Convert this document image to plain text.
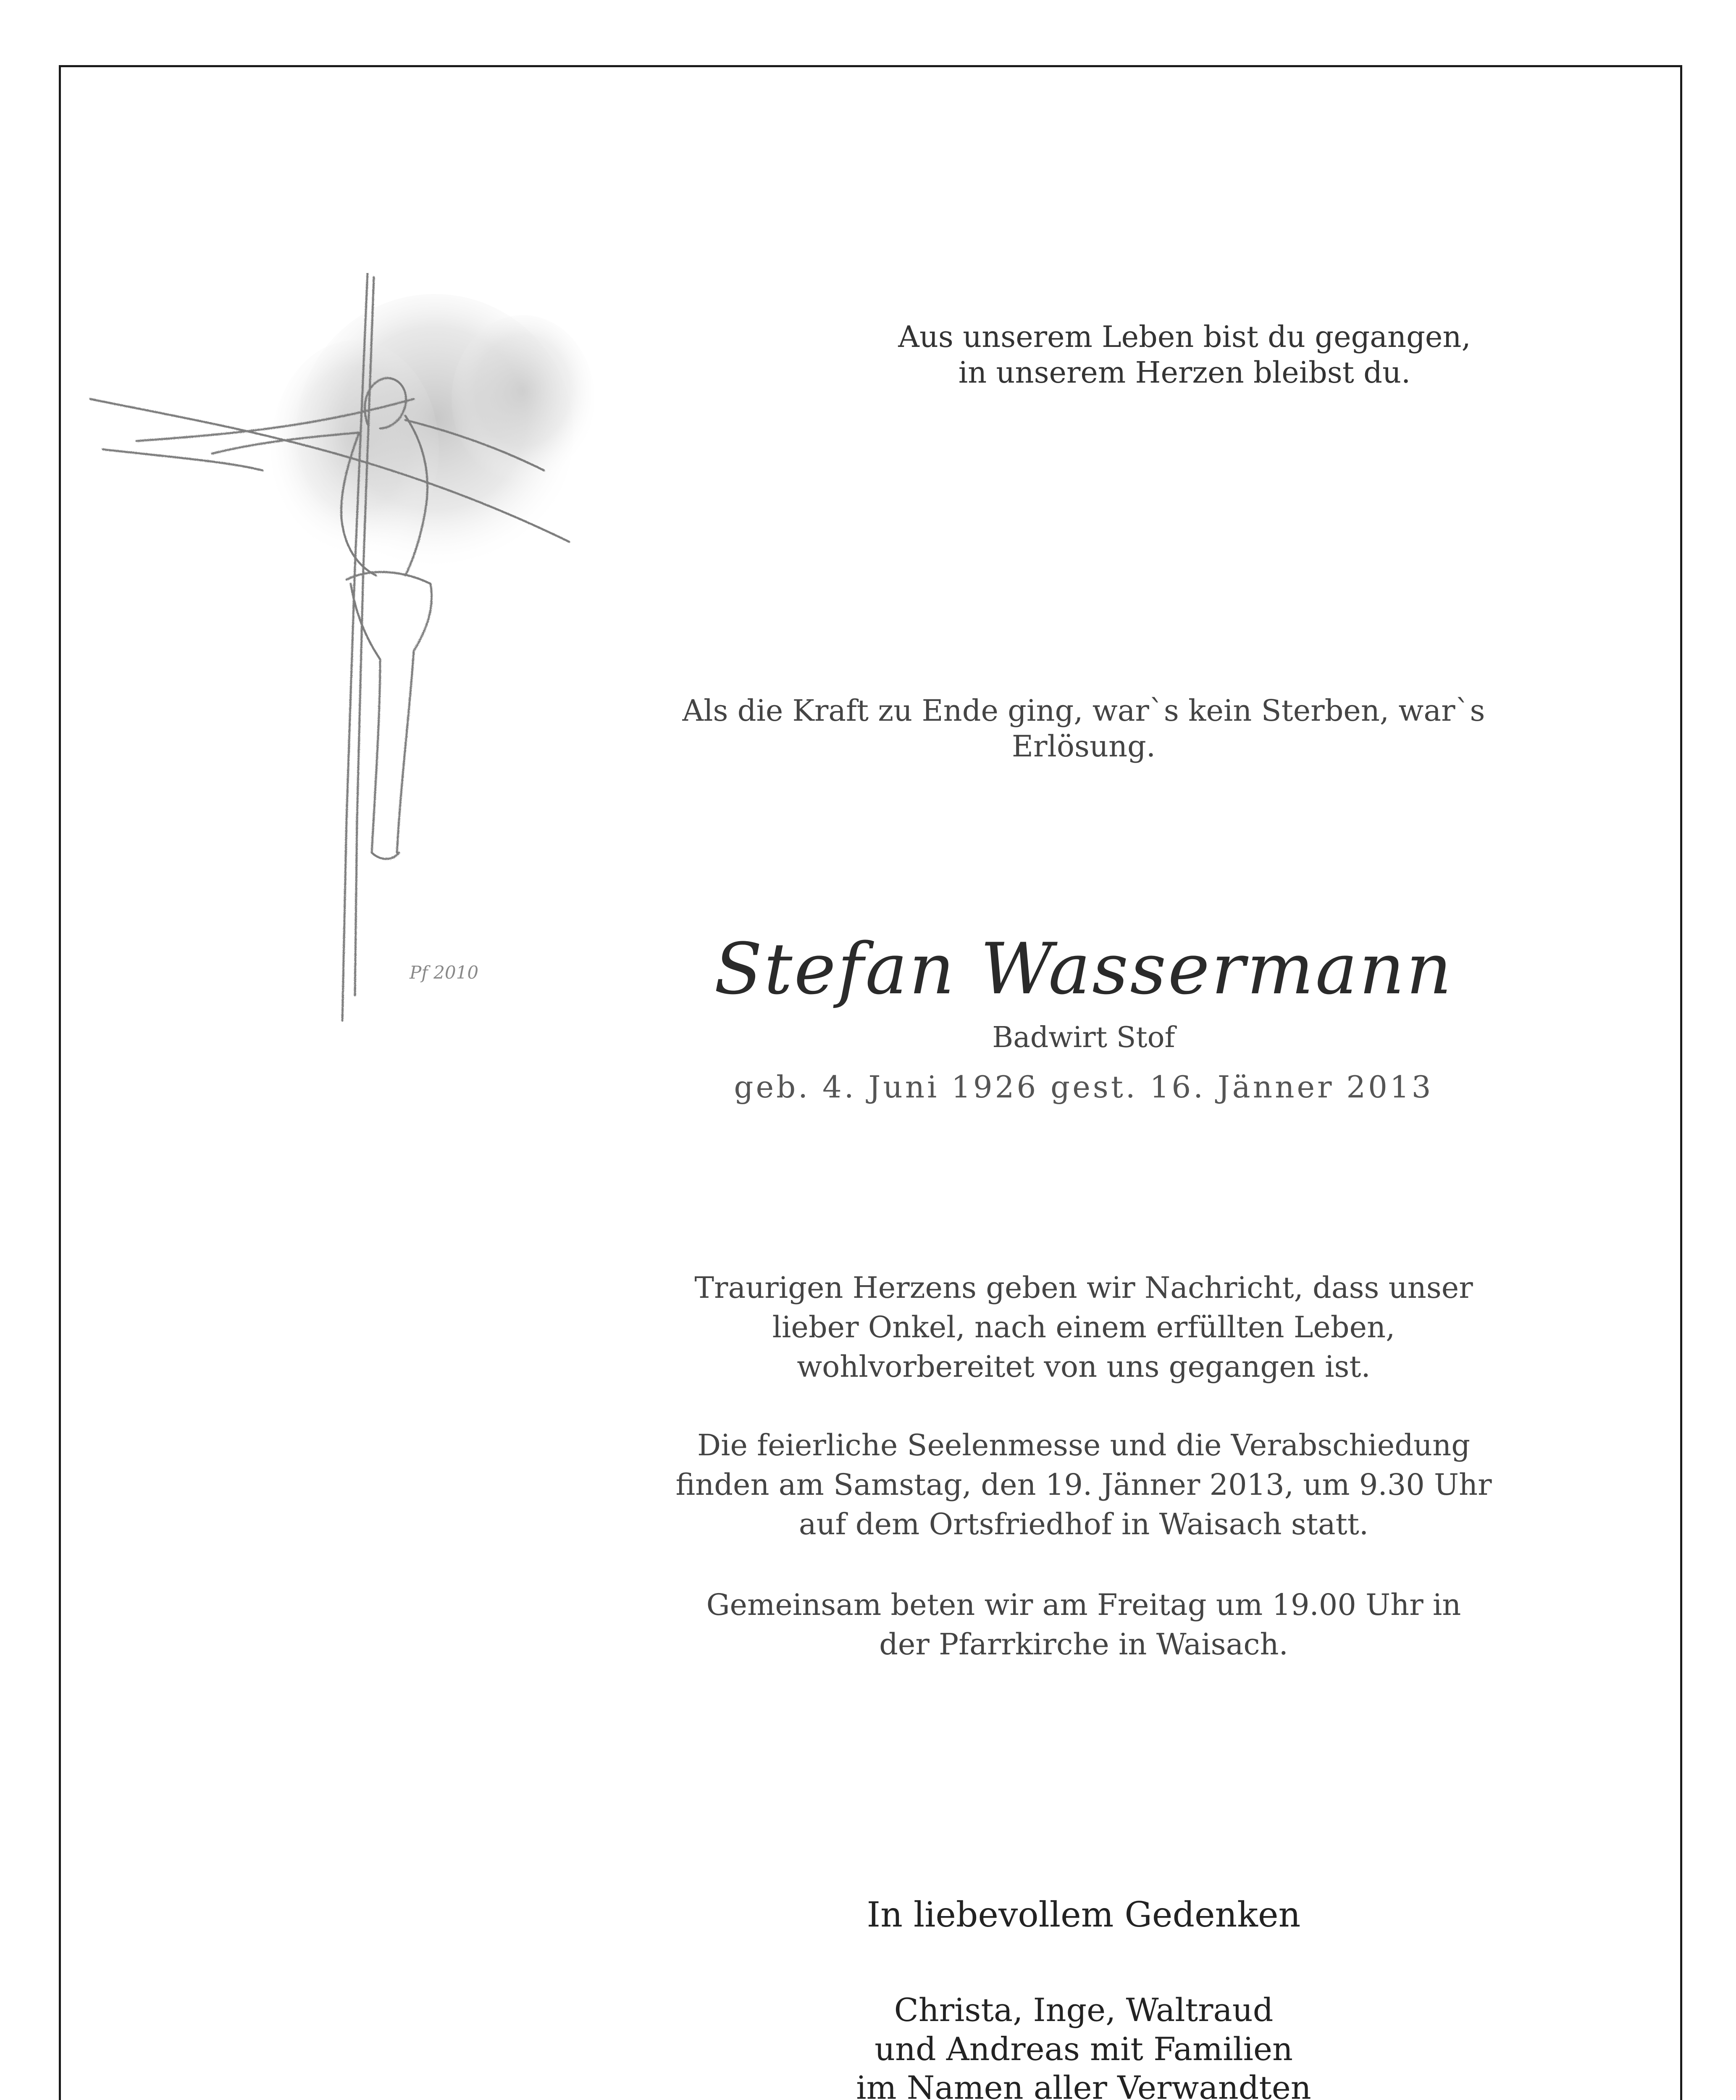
Pf 2010
Aus unserem Leben bist du gegangen,
in unserem Herzen bleibst du.
Als die Kraft zu Ende ging, war`s kein Sterben, war`s
Erlösung.
Stefan Wassermann
Badwirt Stof
geb. 4. Juni 1926 gest. 16. Jänner 2013
Traurigen Herzens geben wir Nachricht, dass unser
lieber Onkel, nach einem erfüllten Leben,
wohlvorbereitet von uns gegangen ist.
Die feierliche Seelenmesse und die Verabschiedung
finden am Samstag, den 19. Jänner 2013, um 9.30 Uhr
auf dem Ortsfriedhof in Waisach statt.
Gemeinsam beten wir am Freitag um 19.00 Uhr in
der Pfarrkirche in Waisach.
In liebevollem Gedenken
Christa, Inge, Waltraud
und Andreas mit Familien
im Namen aller Verwandten
